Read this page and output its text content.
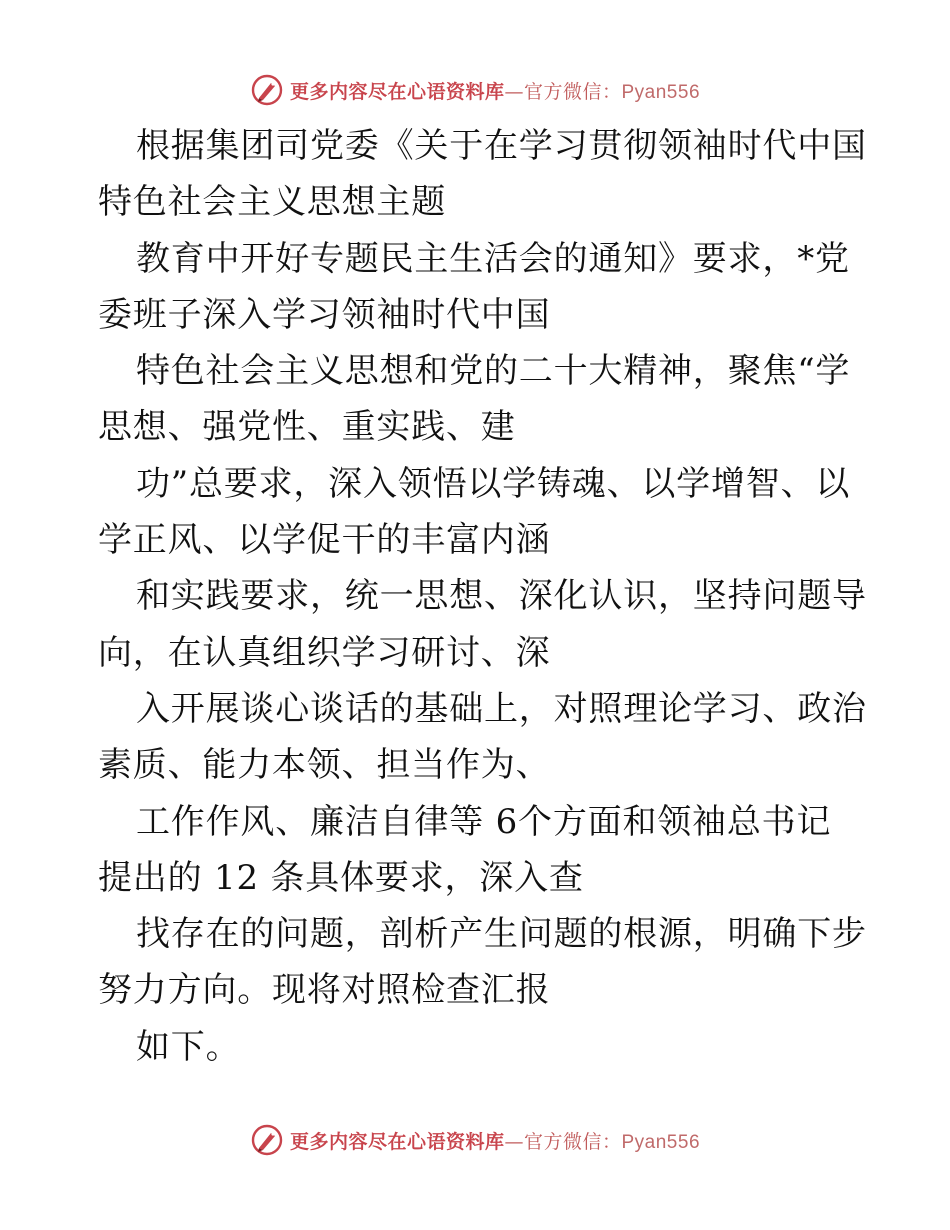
更多内容尽在心语资料库—官方微信：Pyan556
根据集团司党委《关于在学习贯彻领袖时代中国
特色社会主义思想主题
教育中开好专题民主生活会的通知》要求，*党
委班子深入学习领袖时代中国
特色社会主义思想和党的二十大精神，聚焦“学
思想、强党性、重实践、建
功”总要求，深入领悟以学铸魂、以学增智、以
学正风、以学促干的丰富内涵
和实践要求，统一思想、深化认识，坚持问题导
向，在认真组织学习研讨、深
入开展谈心谈话的基础上，对照理论学习、政治
素质、能力本领、担当作为、
工作作风、廉洁自律等 6个方面和领袖总书记
提出的 12 条具体要求，深入查
找存在的问题，剖析产生问题的根源，明确下步
努力方向。现将对照检查汇报
如下。
更多内容尽在心语资料库—官方微信：Pyan556
